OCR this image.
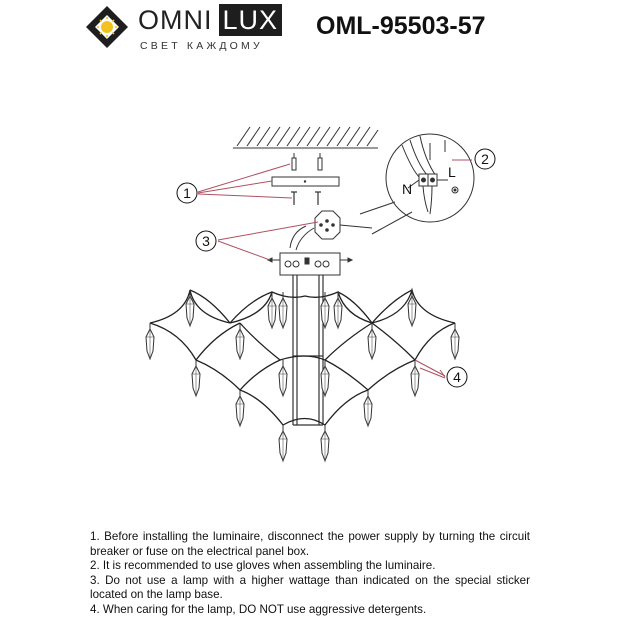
OMNI LUX
СВЕТ КАЖДОМУ
OML-95503-57
N
L
1
2
3
4
1. Before installing the luminaire, disconnect the power supply by turning the circuit breaker or fuse on the electrical panel box.
2. It is recommended to use gloves when assembling the luminaire.
3. Do not use a lamp with a higher wattage than indicated on the special sticker located on the lamp base.
4. When caring for the lamp, DO NOT use aggressive detergents.
